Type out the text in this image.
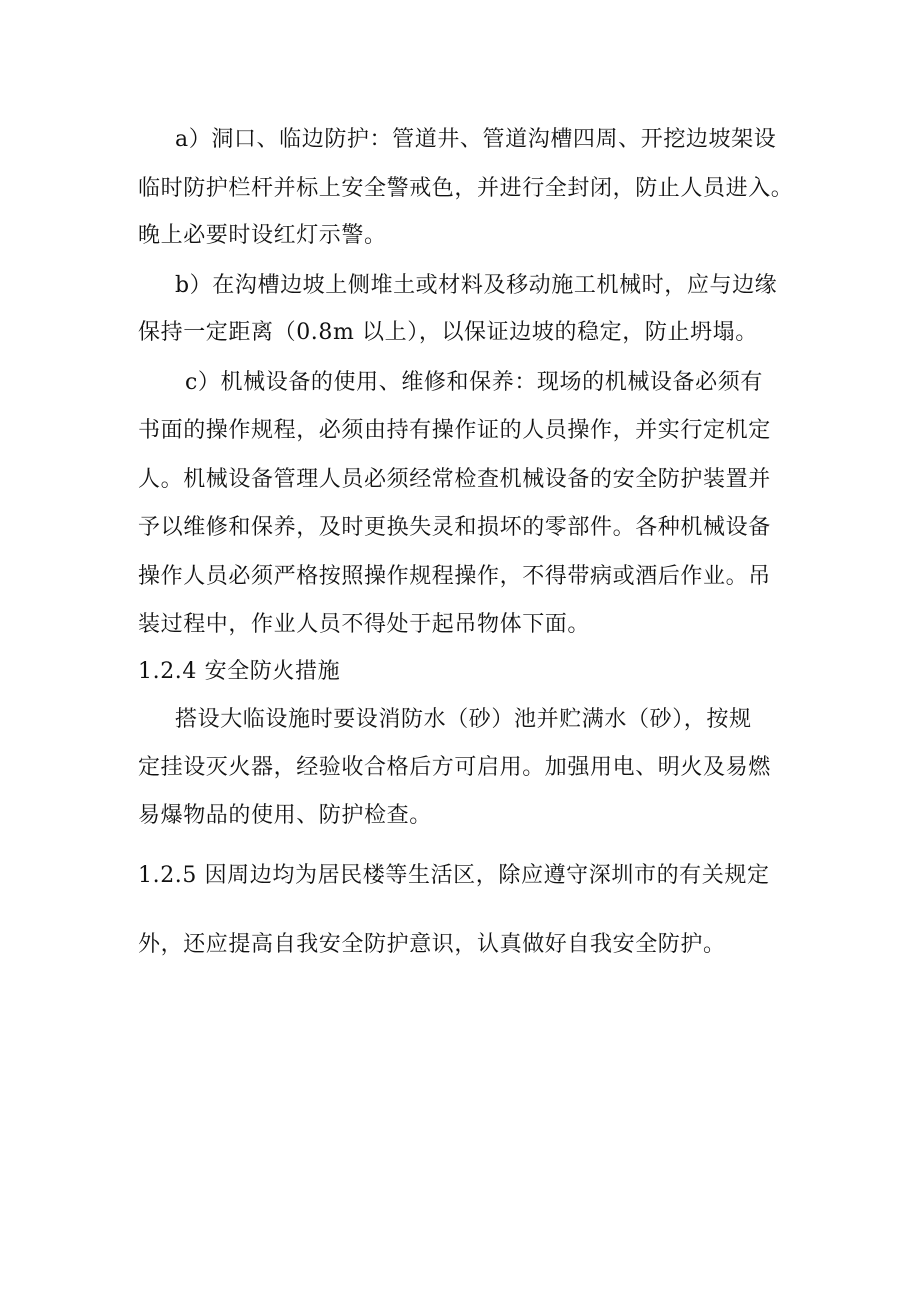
a）洞口、临边防护：管道井、管道沟槽四周、开挖边坡架设
临时防护栏杆并标上安全警戒色，并进行全封闭，防止人员进入。
晚上必要时设红灯示警。
b）在沟槽边坡上侧堆土或材料及移动施工机械时，应与边缘
保持一定距离（0.8m 以上），以保证边坡的稳定，防止坍塌。
c）机械设备的使用、维修和保养：现场的机械设备必须有
书面的操作规程，必须由持有操作证的人员操作，并实行定机定
人。机械设备管理人员必须经常检查机械设备的安全防护装置并
予以维修和保养，及时更换失灵和损坏的零部件。各种机械设备
操作人员必须严格按照操作规程操作，不得带病或酒后作业。吊
装过程中，作业人员不得处于起吊物体下面。
1.2.4 安全防火措施
搭设大临设施时要设消防水（砂）池并贮满水（砂），按规
定挂设灭火器，经验收合格后方可启用。加强用电、明火及易燃
易爆物品的使用、防护检查。
1.2.5 因周边均为居民楼等生活区，除应遵守深圳市的有关规定
外，还应提高自我安全防护意识，认真做好自我安全防护。
